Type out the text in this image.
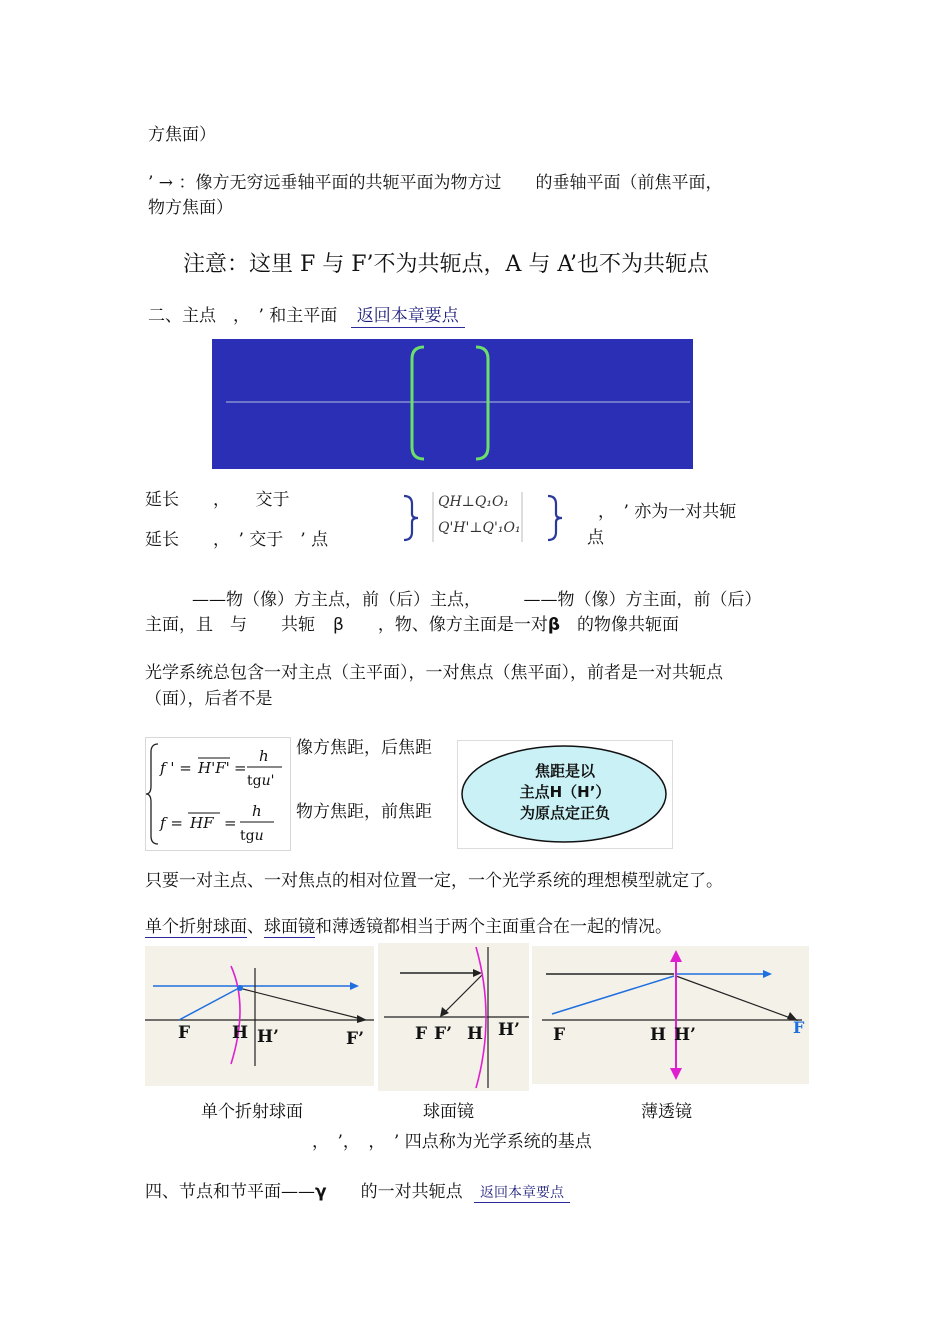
方焦面）
’ → ：像方无穷远垂轴平面的共轭平面为物方过　　的垂轴平面（前焦平面，
物方焦面）
注意：这里 F 与 F’不为共轭点，A 与 A’也不为共轭点
二、主点　，　’ 和主平面 返回本章要点
延长　　，　　交于
延长　　，　’ 交于　’ 点
QH⊥Q₁O₁
Q'H'⊥Q'₁O₁
，　’ 亦为一对共轭
点
——物（像）方主点，前（后）主点，　　　——物（像）方主面，前（后）
主面，且　与　　共轭 β　　，物、像方主面是一对β　的物像共轭面
光学系统总包含一对主点（主平面），一对焦点（焦平面），前者是一对共轭点
（面），后者不是
f ' = H'F' =
h
tgu'
f = HF =
h
tgu
像方焦距，后焦距
物方焦距，前焦距
焦距是以
主点H（H’）
为原点定正负
只要一对主点、一对焦点的相对位置一定，一个光学系统的理想模型就定了。
单个折射球面、球面镜和薄透镜都相当于两个主面重合在一起的情况。
F H H’	F’	F F’ H H’ F	H H’	F
单个折射球面	球面镜	薄透镜
，　’，　，　’ 四点称为光学系统的基点
四、节点和节平面——γ　　的一对共轭点 返回本章要点
